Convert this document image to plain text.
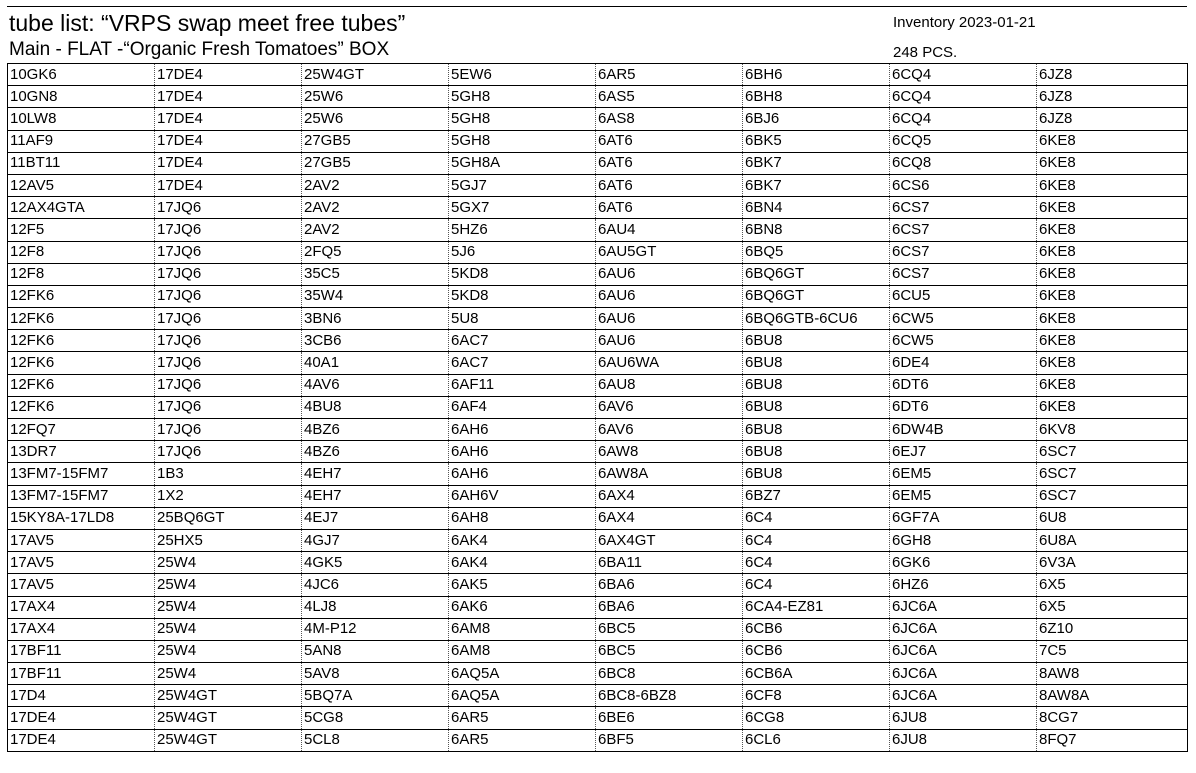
tube list: “VRPS swap meet free tubes”
Main - FLAT -“Organic Fresh Tomatoes” BOX
Inventory 2023-01-21
248 PCS.
10GK6	17DE4	25W4GT	5EW6	6AR5	6BH6	6CQ4	6JZ8
10GN8	17DE4	25W6	5GH8	6AS5	6BH8	6CQ4	6JZ8
10LW8	17DE4	25W6	5GH8	6AS8	6BJ6	6CQ4	6JZ8
11AF9	17DE4	27GB5	5GH8	6AT6	6BK5	6CQ5	6KE8
11BT11	17DE4	27GB5	5GH8A	6AT6	6BK7	6CQ8	6KE8
12AV5	17DE4	2AV2	5GJ7	6AT6	6BK7	6CS6	6KE8
12AX4GTA	17JQ6	2AV2	5GX7	6AT6	6BN4	6CS7	6KE8
12F5	17JQ6	2AV2	5HZ6	6AU4	6BN8	6CS7	6KE8
12F8	17JQ6	2FQ5	5J6	6AU5GT	6BQ5	6CS7	6KE8
12F8	17JQ6	35C5	5KD8	6AU6	6BQ6GT	6CS7	6KE8
12FK6	17JQ6	35W4	5KD8	6AU6	6BQ6GT	6CU5	6KE8
12FK6	17JQ6	3BN6	5U8	6AU6	6BQ6GTB-6CU6	6CW5	6KE8
12FK6	17JQ6	3CB6	6AC7	6AU6	6BU8	6CW5	6KE8
12FK6	17JQ6	40A1	6AC7	6AU6WA	6BU8	6DE4	6KE8
12FK6	17JQ6	4AV6	6AF11	6AU8	6BU8	6DT6	6KE8
12FK6	17JQ6	4BU8	6AF4	6AV6	6BU8	6DT6	6KE8
12FQ7	17JQ6	4BZ6	6AH6	6AV6	6BU8	6DW4B	6KV8
13DR7	17JQ6	4BZ6	6AH6	6AW8	6BU8	6EJ7	6SC7
13FM7-15FM7	1B3	4EH7	6AH6	6AW8A	6BU8	6EM5	6SC7
13FM7-15FM7	1X2	4EH7	6AH6V	6AX4	6BZ7	6EM5	6SC7
15KY8A-17LD8	25BQ6GT	4EJ7	6AH8	6AX4	6C4	6GF7A	6U8
17AV5	25HX5	4GJ7	6AK4	6AX4GT	6C4	6GH8	6U8A
17AV5	25W4	4GK5	6AK4	6BA11	6C4	6GK6	6V3A
17AV5	25W4	4JC6	6AK5	6BA6	6C4	6HZ6	6X5
17AX4	25W4	4LJ8	6AK6	6BA6	6CA4-EZ81	6JC6A	6X5
17AX4	25W4	4M-P12	6AM8	6BC5	6CB6	6JC6A	6Z10
17BF11	25W4	5AN8	6AM8	6BC5	6CB6	6JC6A	7C5
17BF11	25W4	5AV8	6AQ5A	6BC8	6CB6A	6JC6A	8AW8
17D4	25W4GT	5BQ7A	6AQ5A	6BC8-6BZ8	6CF8	6JC6A	8AW8A
17DE4	25W4GT	5CG8	6AR5	6BE6	6CG8	6JU8	8CG7
17DE4	25W4GT	5CL8	6AR5	6BF5	6CL6	6JU8	8FQ7
